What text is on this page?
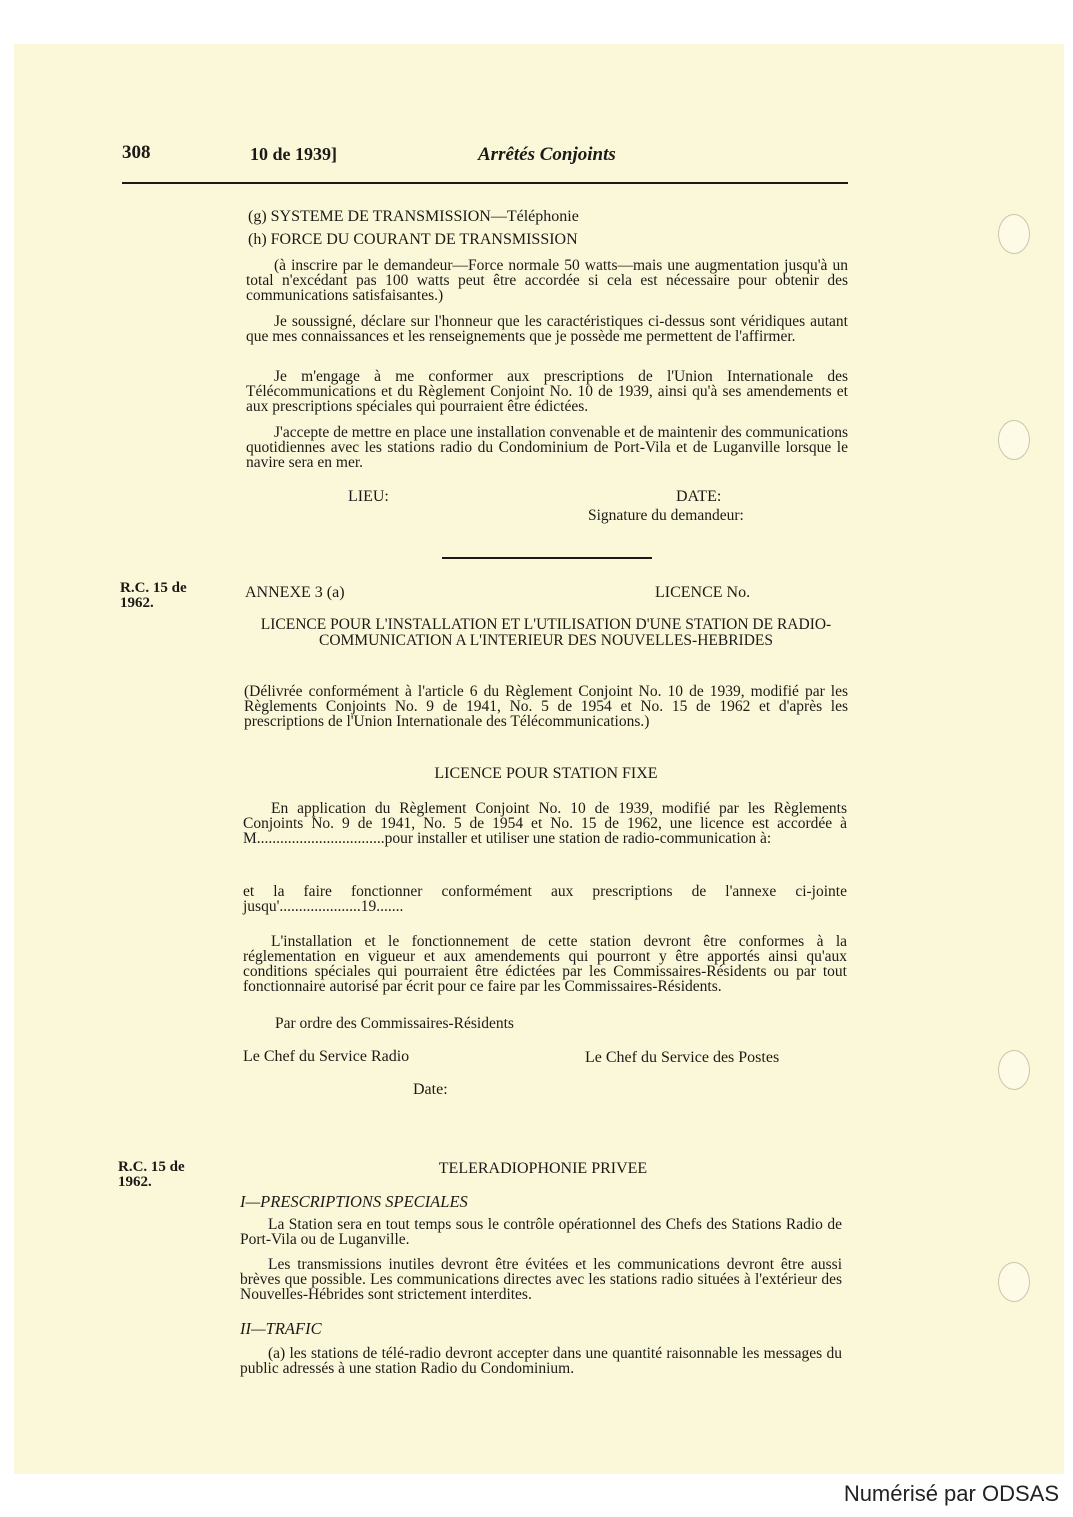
308	10 de 1939]	Arrêtés Conjoints
(g) SYSTEME DE TRANSMISSION—Téléphonie
(h) FORCE DU COURANT DE TRANSMISSION
(à inscrire par le demandeur—Force normale 50 watts—mais une augmentation jusqu'à un total n'excédant pas 100 watts peut être accordée si cela est nécessaire pour obtenir des communications satisfaisantes.)
Je soussigné, déclare sur l'honneur que les caractéristiques ci-dessus sont véridiques autant que mes connaissances et les renseignements que je possède me permettent de l'affirmer.
Je m'engage à me conformer aux prescriptions de l'Union Internationale des Télécommunications et du Règlement Conjoint No. 10 de 1939, ainsi qu'à ses amendements et aux prescriptions spéciales qui pourraient être édictées.
J'accepte de mettre en place une installation convenable et de maintenir des communications quotidiennes avec les stations radio du Condominium de Port-Vila et de Luganville lorsque le navire sera en mer.
LIEU:	DATE:
Signature du demandeur:
R.C. 15 de
1962.
ANNEXE 3 (a)	LICENCE No.
LICENCE POUR L'INSTALLATION ET L'UTILISATION D'UNE STATION DE RADIO-COMMUNICATION A L'INTERIEUR DES NOUVELLES-HEBRIDES
(Délivrée conformément à l'article 6 du Règlement Conjoint No. 10 de 1939, modifié par les Règlements Conjoints No. 9 de 1941, No. 5 de 1954 et No. 15 de 1962 et d'après les prescriptions de l'Union Internationale des Télécommunications.)
LICENCE POUR STATION FIXE
En application du Règlement Conjoint No. 10 de 1939, modifié par les Règlements Conjoints No. 9 de 1941, No. 5 de 1954 et No. 15 de 1962, une licence est accordée à M.................................pour installer et utiliser une station de radio-communication à:
et la faire fonctionner conformément aux prescriptions de l'annexe ci-jointe jusqu'.....................19.......
L'installation et le fonctionnement de cette station devront être conformes à la réglementation en vigueur et aux amendements qui pourront y être apportés ainsi qu'aux conditions spéciales qui pourraient être édictées par les Commissaires-Résidents ou par tout fonctionnaire autorisé par écrit pour ce faire par les Commissaires-Résidents.
Par ordre des Commissaires-Résidents
Le Chef du Service Radio	Le Chef du Service des Postes
Date:
R.C. 15 de
1962.
TELERADIOPHONIE PRIVEE
I—PRESCRIPTIONS SPECIALES
La Station sera en tout temps sous le contrôle opérationnel des Chefs des Stations Radio de Port-Vila ou de Luganville.
Les transmissions inutiles devront être évitées et les communications devront être aussi brèves que possible. Les communications directes avec les stations radio situées à l'extérieur des Nouvelles-Hébrides sont strictement interdites.
II—TRAFIC
(a) les stations de télé-radio devront accepter dans une quantité raisonnable les messages du public adressés à une station Radio du Condominium.
Numérisé par ODSAS
